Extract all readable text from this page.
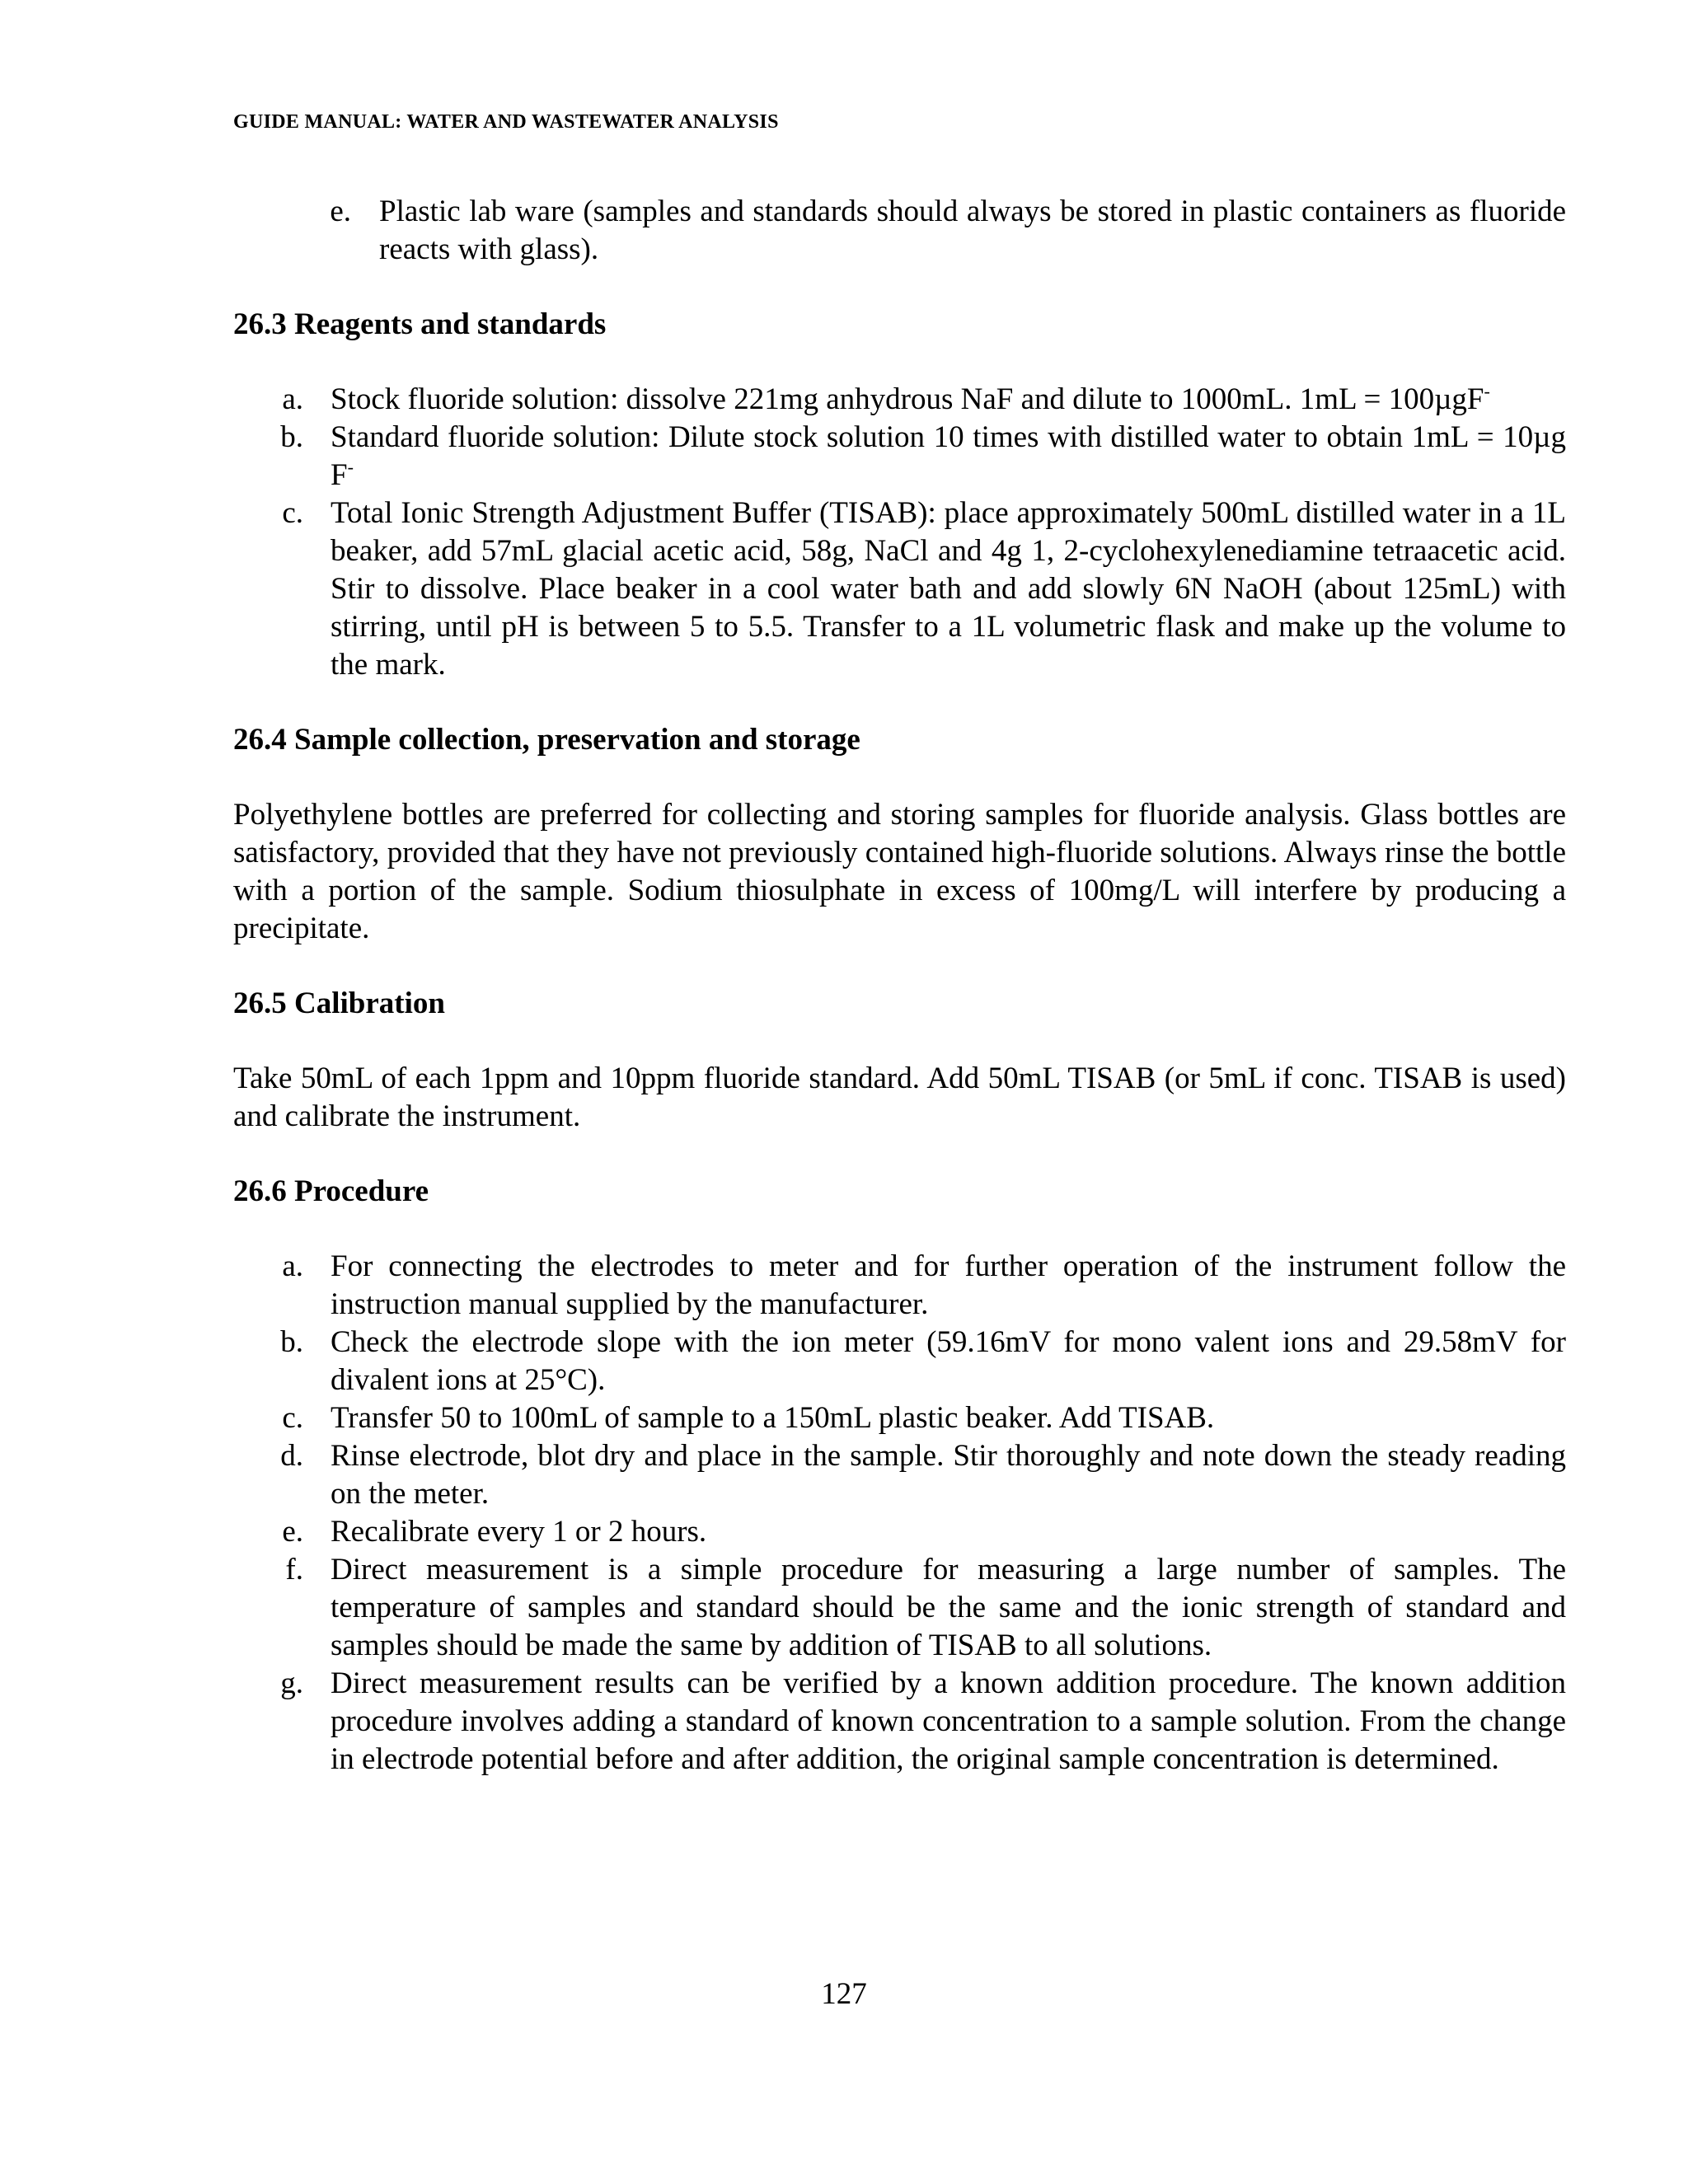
GUIDE MANUAL: WATER AND WASTEWATER ANALYSIS
e. Plastic lab ware (samples and standards should always be stored in plastic containers as fluoride reacts with glass).
26.3 Reagents and standards
a. Stock fluoride solution: dissolve 221mg anhydrous NaF and dilute to 1000mL. 1mL = 100µgF-
b. Standard fluoride solution: Dilute stock solution 10 times with distilled water to obtain 1mL = 10µg F-
c. Total Ionic Strength Adjustment Buffer (TISAB): place approximately 500mL distilled water in a 1L beaker, add 57mL glacial acetic acid, 58g, NaCl and 4g 1, 2-cyclohexylenediamine tetraacetic acid. Stir to dissolve. Place beaker in a cool water bath and add slowly 6N NaOH (about 125mL) with stirring, until pH is between 5 to 5.5. Transfer to a 1L volumetric flask and make up the volume to the mark.
26.4 Sample collection, preservation and storage

Polyethylene bottles are preferred for collecting and storing samples for fluoride analysis. Glass bottles are satisfactory, provided that they have not previously contained high-fluoride solutions. Always rinse the bottle with a portion of the sample. Sodium thiosulphate in excess of 100mg/L will interfere by producing a precipitate.

26.5 Calibration

Take 50mL of each 1ppm and 10ppm fluoride standard. Add 50mL TISAB (or 5mL if conc. TISAB is used) and calibrate the instrument.

26.6 Procedure
a. For connecting the electrodes to meter and for further operation of the instrument follow the instruction manual supplied by the manufacturer.
b. Check the electrode slope with the ion meter (59.16mV for mono valent ions and 29.58mV for divalent ions at 25°C).
c. Transfer 50 to 100mL of sample to a 150mL plastic beaker. Add TISAB.
d. Rinse electrode, blot dry and place in the sample. Stir thoroughly and note down the steady reading on the meter.
e. Recalibrate every 1 or 2 hours.
f. Direct measurement is a simple procedure for measuring a large number of samples. The temperature of samples and standard should be the same and the ionic strength of standard and samples should be made the same by addition of TISAB to all solutions.
g. Direct measurement results can be verified by a known addition procedure. The known addition procedure involves adding a standard of known concentration to a sample solution. From the change in electrode potential before and after addition, the original sample concentration is determined.
127
